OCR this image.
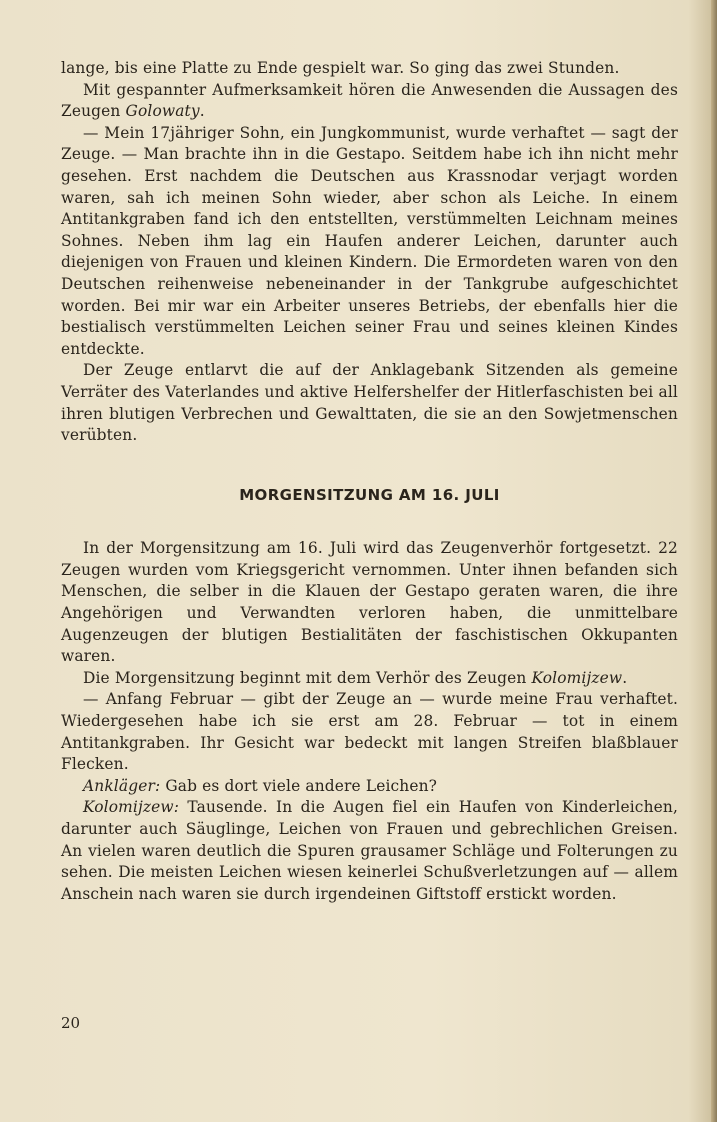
lange, bis eine Platte zu Ende gespielt war. So ging das zwei Stunden.

Mit gespannter Aufmerksamkeit hören die Anwesenden die Aussagen des Zeugen Golowaty.

— Mein 17jähriger Sohn, ein Jungkommunist, wurde verhaftet — sagt der Zeuge. — Man brachte ihn in die Gestapo. Seitdem habe ich ihn nicht mehr gesehen. Erst nachdem die Deutschen aus Krassnodar verjagt worden waren, sah ich meinen Sohn wieder, aber schon als Leiche. In einem Antitankgraben fand ich den entstellten, verstümmelten Leichnam meines Sohnes. Neben ihm lag ein Haufen anderer Leichen, darunter auch diejenigen von Frauen und kleinen Kindern. Die Ermordeten waren von den Deutschen reihenweise nebeneinander in der Tankgrube aufgeschichtet worden. Bei mir war ein Arbeiter unseres Betriebs, der ebenfalls hier die bestialisch verstümmelten Leichen seiner Frau und seines kleinen Kindes entdeckte.

Der Zeuge entlarvt die auf der Anklagebank Sitzenden als gemeine Verräter des Vaterlandes und aktive Helfershelfer der Hitlerfaschisten bei all ihren blutigen Verbrechen und Gewalttaten, die sie an den Sowjetmenschen verübten.

MORGENSITZUNG AM 16. JULI

In der Morgensitzung am 16. Juli wird das Zeugenverhör fortgesetzt. 22 Zeugen wurden vom Kriegsgericht vernommen. Unter ihnen befanden sich Menschen, die selber in die Klauen der Gestapo geraten waren, die ihre Angehörigen und Verwandten verloren haben, die unmittelbare Augenzeugen der blutigen Bestialitäten der faschistischen Okkupanten waren.

Die Morgensitzung beginnt mit dem Verhör des Zeugen Kolomijzew.

— Anfang Februar — gibt der Zeuge an — wurde meine Frau verhaftet. Wiedergesehen habe ich sie erst am 28. Februar — tot in einem Antitankgraben. Ihr Gesicht war bedeckt mit langen Streifen blaßblauer Flecken.

Ankläger: Gab es dort viele andere Leichen?

Kolomijzew: Tausende. In die Augen fiel ein Haufen von Kinderleichen, darunter auch Säuglinge, Leichen von Frauen und gebrechlichen Greisen. An vielen waren deutlich die Spuren grausamer Schläge und Folterungen zu sehen. Die meisten Leichen wiesen keinerlei Schußverletzungen auf — allem Anschein nach waren sie durch irgendeinen Giftstoff erstickt worden.

20
